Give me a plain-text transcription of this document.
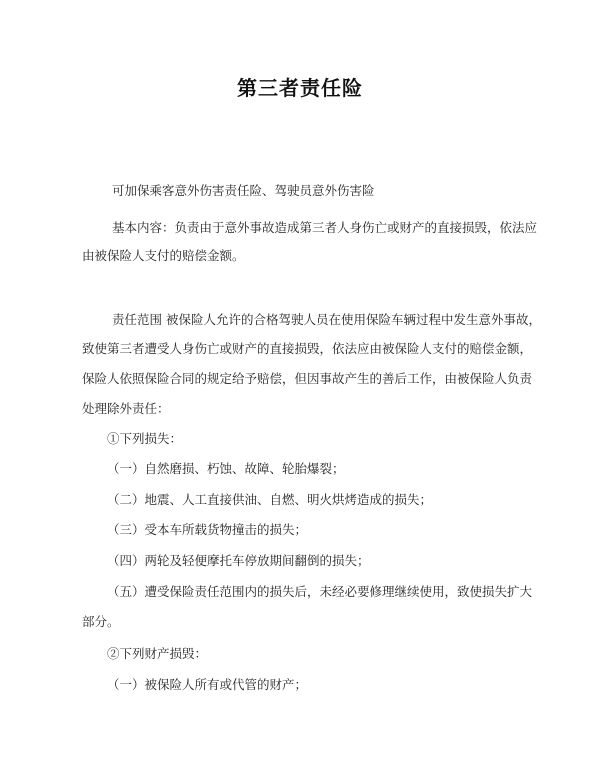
第三者责任险
可加保乘客意外伤害责任险、驾驶员意外伤害险
基本内容：负责由于意外事故造成第三者人身伤亡或财产的直接损毁，依法应
由被保险人支付的赔偿金额。
责任范围 被保险人允许的合格驾驶人员在使用保险车辆过程中发生意外事故，
致使第三者遭受人身伤亡或财产的直接损毁，依法应由被保险人支付的赔偿金额，
保险人依照保险合同的规定给予赔偿，但因事故产生的善后工作，由被保险人负责
处理除外责任：
①下列损失：
（一）自然磨损、朽蚀、故障、轮胎爆裂；
（二）地震、人工直接供油、自燃、明火烘烤造成的损失；
（三）受本车所载货物撞击的损失；
（四）两轮及轻便摩托车停放期间翻倒的损失；
（五）遭受保险责任范围内的损失后，未经必要修理继续使用，致使损失扩大
部分。
②下列财产损毁：
（一）被保险人所有或代管的财产；
